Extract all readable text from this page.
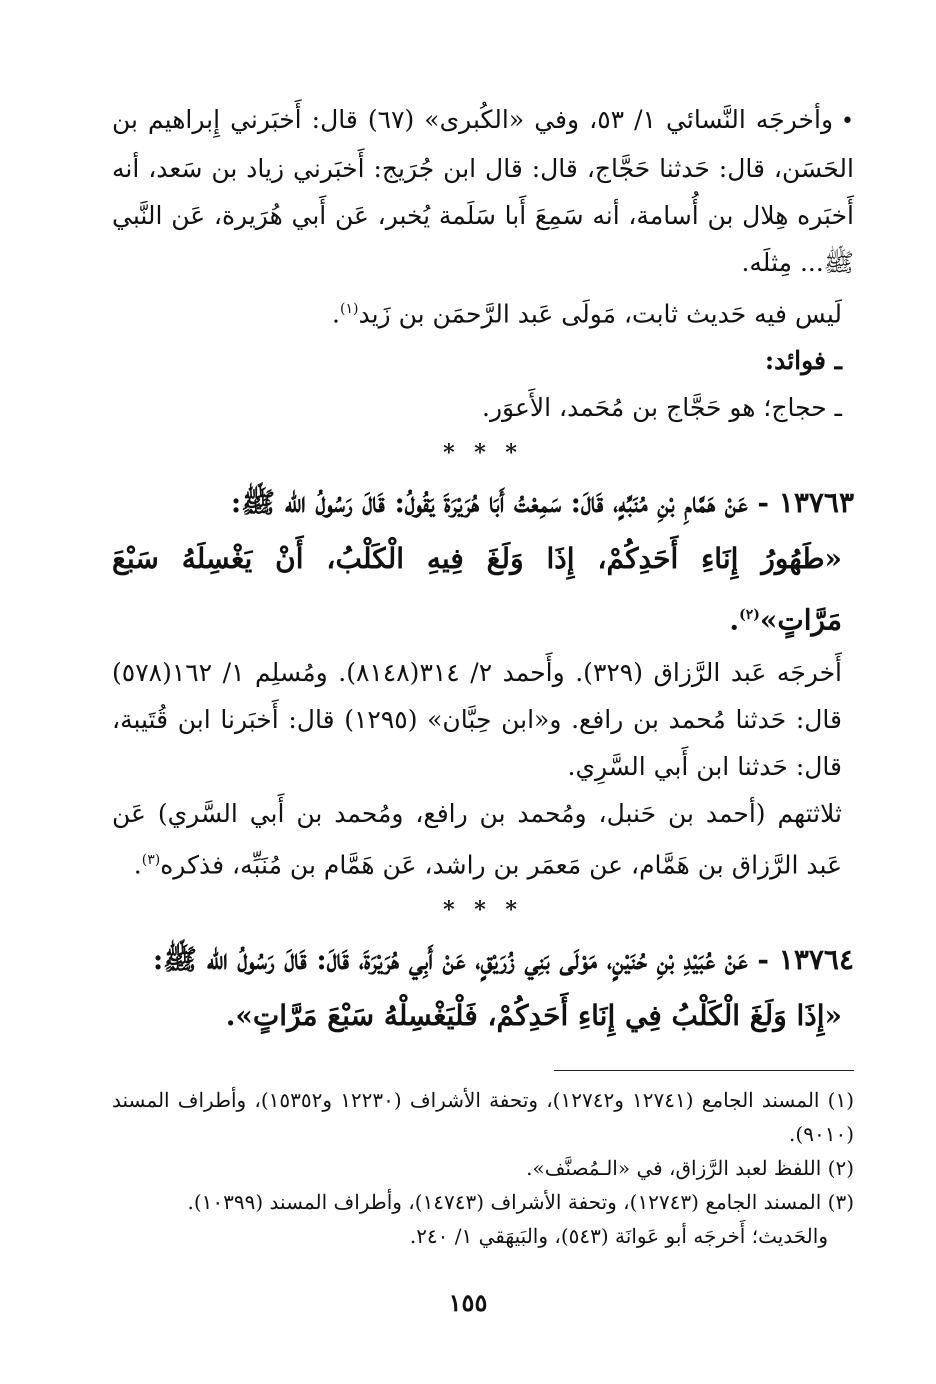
•وأخرجَه النَّسائي ١/ ٥٣، وفي «الكُبرى» (٦٧) قال: أَخبَرني إِبراهيم بن الحَسَن، قال: حَدثنا حَجَّاج، قال: قال ابن جُرَيج: أَخبَرني زياد بن سَعد، أنه أَخبَره هِلال بن أُسامة، أنه سَمِعَ أَبا سَلَمة يُخبر، عَن أَبي هُرَيرة، عَن النَّبي ﷺ... مِثلَه.

لَيس فيه حَديث ثابت، مَولَى عَبد الرَّحمَن بن زَيد$^{(١)}$.

ـ فوائد:

ـ حجاج؛ هو حَجَّاج بن مُحَمد، الأَعوَر.

* * *

١٣٧٦٣ - عَنْ هَمَّامِ بْنِ مُنَبِّهٍ، قَالَ: سَمِعْتُ أَبَا هُرَيْرَةَ يَقُولُ: قَالَ رَسُولُ الله ﷺ:

«طَهُورُ إِنَاءِ أَحَدِكُمْ، إِذَا وَلَغَ فِيهِ الْكَلْبُ، أَنْ يَغْسِلَهُ سَبْعَ مَرَّاتٍ»$^{(٢)}$.

أَخرجَه عَبد الرَّزاق (٣٢٩). وأَحمد ٢/ ٣١٤(٨١٤٨). ومُسلِم ١/ ١٦٢(٥٧٨) قال: حَدثنا مُحمد بن رافع. و«ابن حِبَّان» (١٢٩٥) قال: أَخبَرنا ابن قُتَيبة، قال: حَدثنا ابن أَبي السَّرِي.

ثلاثتهم (أحمد بن حَنبل، ومُحمد بن رافع، ومُحمد بن أَبي السَّري) عَن عَبد الرَّزاق بن هَمَّام، عن مَعمَر بن راشد، عَن هَمَّام بن مُنَبِّه، فذكره$^{(٣)}$.

* * *

١٣٧٦٤ - عَنْ عُبَيْدِ بْنِ حُنَيْنٍ، مَوْلَى بَنِي زُرَيْقٍ، عَنْ أَبِي هُرَيْرَةَ، قَالَ: قَالَ رَسُولُ الله ﷺ:

«إِذَا وَلَغَ الْكَلْبُ فِي إِنَاءِ أَحَدِكُمْ، فَلْيَغْسِلْهُ سَبْعَ مَرَّاتٍ».

(١) المسند الجامع (١٢٧٤١ و١٢٧٤٢)، وتحفة الأشراف (١٢٢٣٠ و١٥٣٥٢)، وأطراف المسند (٩٠١٠).

(٢) اللفظ لعبد الرَّزاق، في «الـمُصنَّف».

(٣) المسند الجامع (١٢٧٤٣)، وتحفة الأشراف (١٤٧٤٣)، وأطراف المسند (١٠٣٩٩).

والحَديث؛ أَخرجَه أبو عَوانَة (٥٤٣)، والبَيهَقي ١/ ٢٤٠.

١٥٥
